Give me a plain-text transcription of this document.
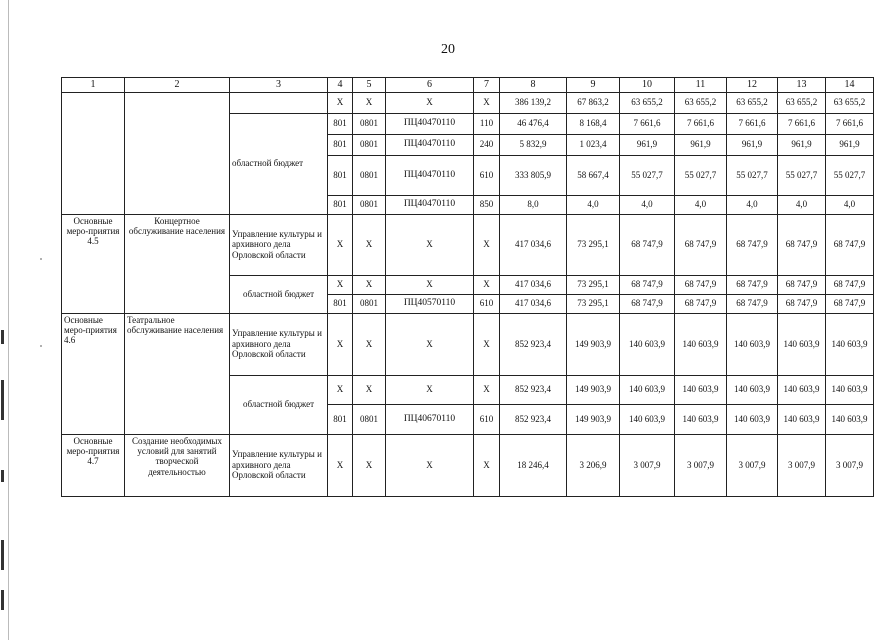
20
1	2	3	4	5	6	7	8	9	10	11	12	13	14
			X	X	X	X	386 139,2	67 863,2	63 655,2	63 655,2	63 655,2	63 655,2	63 655,2
		областной бюджет	801	0801	ПЦ40470110	110	46 476,4	8 168,4	7 661,6	7 661,6	7 661,6	7 661,6	7 661,6
			801	0801	ПЦ40470110	240	5 832,9	1 023,4	961,9	961,9	961,9	961,9	961,9
			801	0801	ПЦ40470110	610	333 805,9	58 667,4	55 027,7	55 027,7	55 027,7	55 027,7	55 027,7
			801	0801	ПЦ40470110	850	8,0	4,0	4,0	4,0	4,0	4,0	4,0
Основные меро-приятия 4.5	Концертное обслуживание населения	Управление культуры и архивного дела Орловской области	X	X	X	X	417 034,6	73 295,1	68 747,9	68 747,9	68 747,9	68 747,9	68 747,9
		областной бюджет	X	X	X	X	417 034,6	73 295,1	68 747,9	68 747,9	68 747,9	68 747,9	68 747,9
			801	0801	ПЦ40570110	610	417 034,6	73 295,1	68 747,9	68 747,9	68 747,9	68 747,9	68 747,9
Основные меро-приятия 4.6	Театральное обслуживание населения	Управление культуры и архивного дела Орловской области	X	X	X	X	852 923,4	149 903,9	140 603,9	140 603,9	140 603,9	140 603,9	140 603,9
		областной бюджет	X	X	X	X	852 923,4	149 903,9	140 603,9	140 603,9	140 603,9	140 603,9	140 603,9
			801	0801	ПЦ40670110	610	852 923,4	149 903,9	140 603,9	140 603,9	140 603,9	140 603,9	140 603,9
Основные меро-приятия 4.7	Создание необходимых условий для занятий творческой деятельностью	Управление культуры и архивного дела Орловской области	X	X	X	X	18 246,4	3 206,9	3 007,9	3 007,9	3 007,9	3 007,9	3 007,9
